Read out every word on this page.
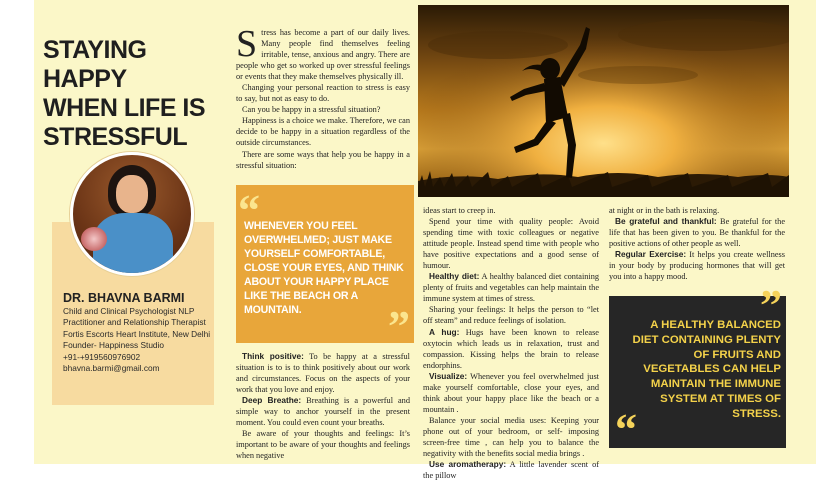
STAYING HAPPY
WHEN LIFE IS
STRESSFUL
DR. BHAVNA BARMI
Child and Clinical Psychologist NLP
Practitioner and Relationship Therapist
Fortis Escorts Heart Institute, New Delhi
Founder- Happiness Studio
+91-+919560976902
bhavna.barmi@gmail.com
S tress has become a part of our daily lives. Many people find themselves feeling irritable, tense, anxious and angry. There are people who get so worked up over stressful feelings or events that they make themselves physically ill.

Changing your personal reaction to stress is easy to say, but not as easy to do.

Can you be happy in a stressful situation?

Happiness is a choice we make. Therefore, we can decide to be happy in a situation regardless of the outside circumstances.

There are some ways that help you be happy in a stressful situation:

“
WHENEVER YOU FEEL OVERWHELMED; JUST MAKE YOURSELF COMFORTABLE, CLOSE YOUR EYES, AND THINK ABOUT YOUR HAPPY PLACE LIKE THE BEACH OR A MOUNTAIN.	”

Think positive: To be happy at a stressful situation is to is to think positively about our work and circumstances. Focus on the aspects of your work that you love and enjoy.

Deep Breathe: Breathing is a powerful and simple way to anchor yourself in the present moment. You could even count your breaths.

Be aware of your thoughts and feelings: It’s important to be aware of your thoughts and feelings when negative

ideas start to creep in.

Spend your time with quality people: Avoid spending time with toxic colleagues or negative attitude people. Instead spend time with people who have positive expectations and a good sense of humour.

Healthy diet: A healthy balanced diet containing plenty of fruits and vegetables can help maintain the immune system at times of stress.

Sharing your feelings: It helps the person to “let off steam” and reduce feelings of isolation.

A hug: Hugs have been known to release oxytocin which leads us in relaxation, trust and compassion. Kissing helps the brain to release endorphins.

Visualize: Whenever you feel overwhelmed just make yourself comfortable, close your eyes, and think about your happy place like the beach or a mountain .

Balance your social media uses: Keeping your phone out of your bedroom, or self- imposing screen-free time , can help you to balance the negativity with the benefits social media brings .

Use aromatherapy: A little lavender scent of the pillow

at night or in the bath is relaxing.

Be grateful and thankful: Be grateful for the life that has been given to you. Be thankful for the positive actions of other people as well.

Regular Exercise: It helps you create wellness in your body by producing hormones that will get you into a happy mood.

”
A HEALTHY BALANCED DIET CONTAINING PLENTY OF FRUITS AND VEGETABLES CAN HELP MAINTAIN THE IMMUNE SYSTEM AT TIMES OF STRESS.
“
